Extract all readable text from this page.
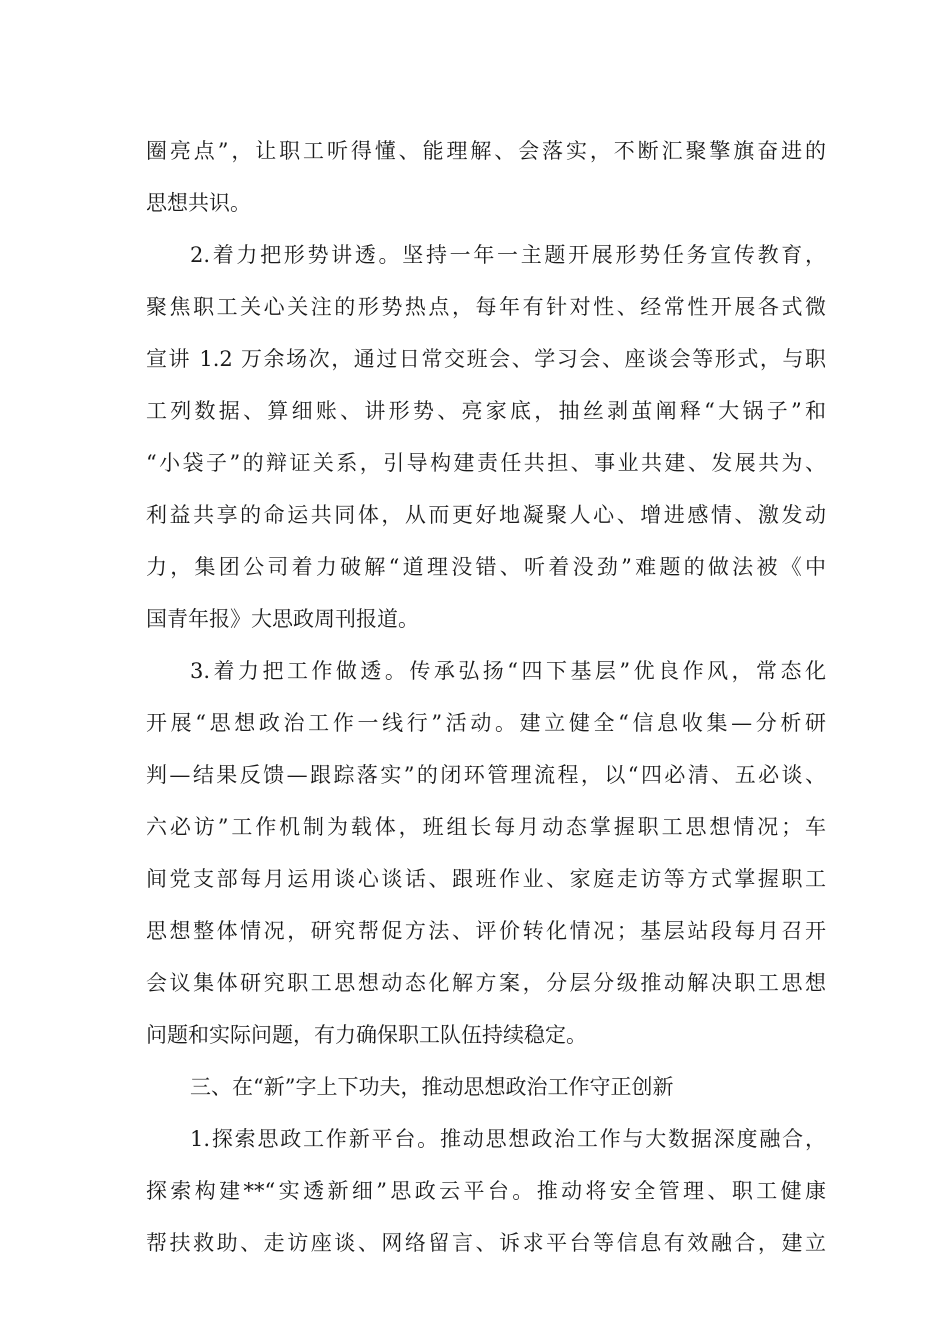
圈亮点”，让职工听得懂、能理解、会落实，不断汇聚擎旗奋进的
思想共识。
2.着力把形势讲透。坚持一年一主题开展形势任务宣传教育，
聚焦职工关心关注的形势热点，每年有针对性、经常性开展各式微
宣讲 1.2 万余场次，通过日常交班会、学习会、座谈会等形式，与职
工列数据、算细账、讲形势、亮家底，抽丝剥茧阐释“大锅子”和
“小袋子”的辩证关系，引导构建责任共担、事业共建、发展共为、
利益共享的命运共同体，从而更好地凝聚人心、增进感情、激发动
力，集团公司着力破解“道理没错、听着没劲”难题的做法被《中
国青年报》大思政周刊报道。
3.着力把工作做透。传承弘扬“四下基层”优良作风，常态化
开展“思想政治工作一线行”活动。建立健全“信息收集—分析研
判—结果反馈—跟踪落实”的闭环管理流程，以“四必清、五必谈、
六必访”工作机制为载体，班组长每月动态掌握职工思想情况；车
间党支部每月运用谈心谈话、跟班作业、家庭走访等方式掌握职工
思想整体情况，研究帮促方法、评价转化情况；基层站段每月召开
会议集体研究职工思想动态化解方案，分层分级推动解决职工思想
问题和实际问题，有力确保职工队伍持续稳定。
三、在“新”字上下功夫，推动思想政治工作守正创新
1.探索思政工作新平台。推动思想政治工作与大数据深度融合，
探索构建**“实透新细”思政云平台。推动将安全管理、职工健康
帮扶救助、走访座谈、网络留言、诉求平台等信息有效融合，建立
